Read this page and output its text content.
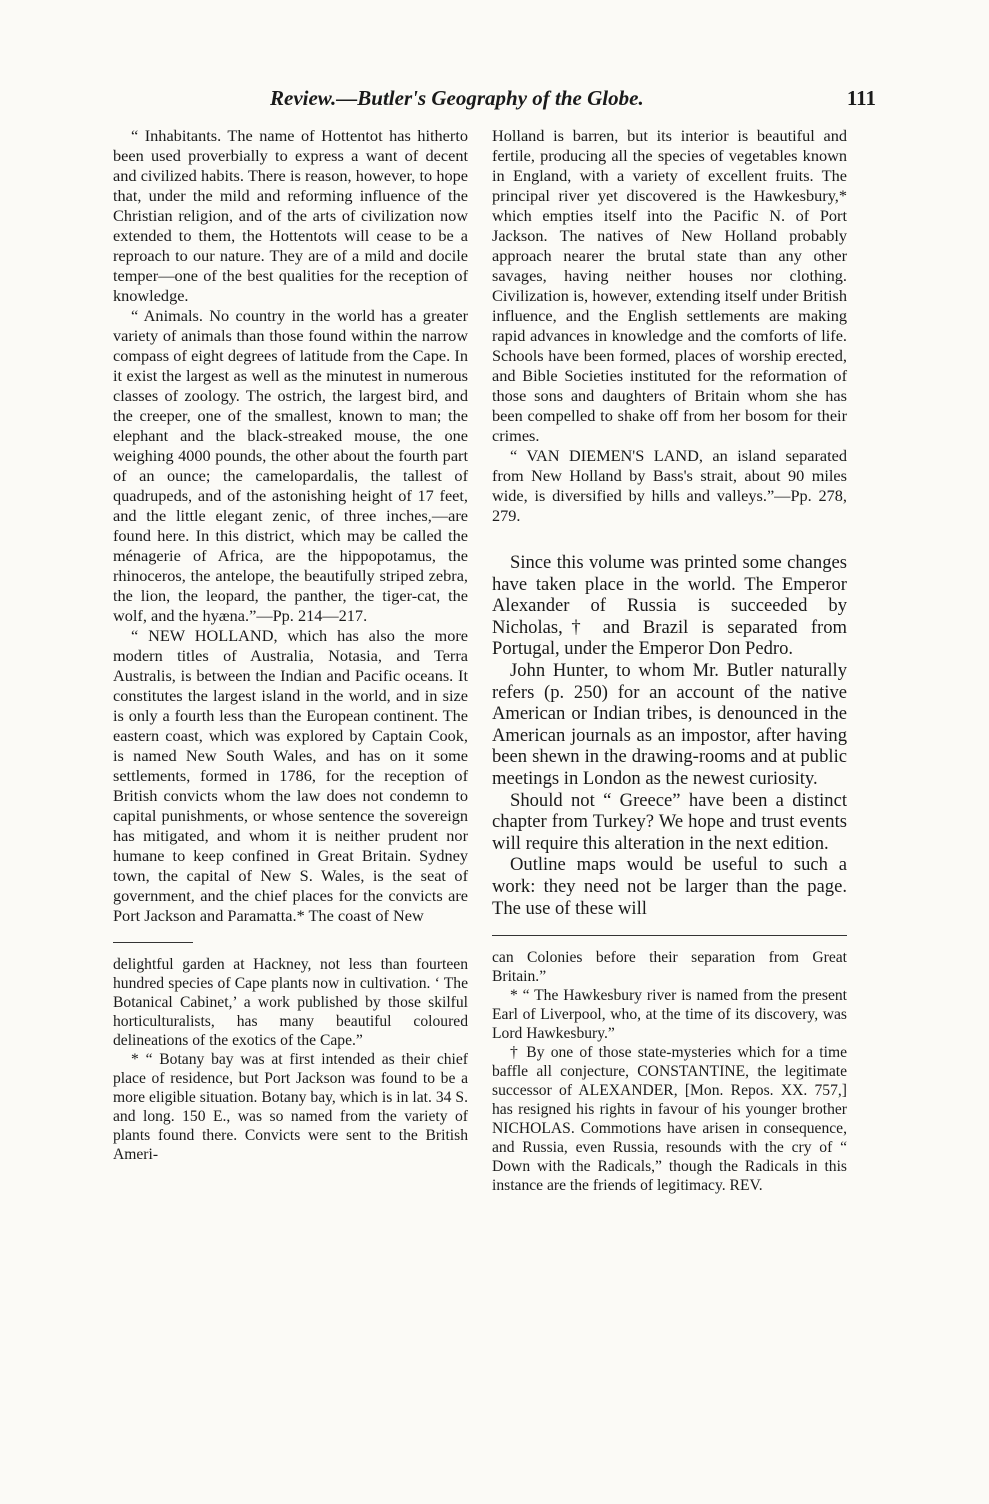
Review.—Butler's Geography of the Globe.	111

“ Inhabitants. The name of Hottentot has hitherto been used proverbially to express a want of decent and civilized habits. There is reason, however, to hope that, under the mild and reforming influence of the Christian religion, and of the arts of civilization now extended to them, the Hottentots will cease to be a reproach to our nature. They are of a mild and docile temper—one of the best qualities for the reception of knowledge.

“ Animals. No country in the world has a greater variety of animals than those found within the narrow compass of eight degrees of latitude from the Cape. In it exist the largest as well as the minutest in numerous classes of zoology. The ostrich, the largest bird, and the creeper, one of the smallest, known to man; the elephant and the black-streaked mouse, the one weighing 4000 pounds, the other about the fourth part of an ounce; the camelopardalis, the tallest of quadrupeds, and of the astonishing height of 17 feet, and the little elegant zenic, of three inches,—are found here. In this district, which may be called the ménagerie of Africa, are the hippopotamus, the rhinoceros, the antelope, the beautifully striped zebra, the lion, the leopard, the panther, the tiger-cat, the wolf, and the hyæna.”—Pp. 214—217.

“ NEW HOLLAND, which has also the more modern titles of Australia, Notasia, and Terra Australis, is between the Indian and Pacific oceans. It constitutes the largest island in the world, and in size is only a fourth less than the European continent. The eastern coast, which was explored by Captain Cook, is named New South Wales, and has on it some settlements, formed in 1786, for the reception of British convicts whom the law does not condemn to capital punishments, or whose sentence the sovereign has mitigated, and whom it is neither prudent nor humane to keep confined in Great Britain. Sydney town, the capital of New S. Wales, is the seat of government, and the chief places for the convicts are Port Jackson and Paramatta.* The coast of New

delightful garden at Hackney, not less than fourteen hundred species of Cape plants now in cultivation. ‘ The Botanical Cabinet,’ a work published by those skilful horticulturalists, has many beautiful coloured delineations of the exotics of the Cape.”

* “ Botany bay was at first intended as their chief place of residence, but Port Jackson was found to be a more eligible situation. Botany bay, which is in lat. 34 S. and long. 150 E., was so named from the variety of plants found there. Convicts were sent to the British Ameri-

Holland is barren, but its interior is beautiful and fertile, producing all the species of vegetables known in England, with a variety of excellent fruits. The principal river yet discovered is the Hawkesbury,* which empties itself into the Pacific N. of Port Jackson. The natives of New Holland probably approach nearer the brutal state than any other savages, having neither houses nor clothing. Civilization is, however, extending itself under British influence, and the English settlements are making rapid advances in knowledge and the comforts of life. Schools have been formed, places of worship erected, and Bible Societies instituted for the reformation of those sons and daughters of Britain whom she has been compelled to shake off from her bosom for their crimes.

“ VAN DIEMEN'S LAND, an island separated from New Holland by Bass's strait, about 90 miles wide, is diversified by hills and valleys.”—Pp. 278, 279.

Since this volume was printed some changes have taken place in the world. The Emperor Alexander of Russia is succeeded by Nicholas,† and Brazil is separated from Portugal, under the Emperor Don Pedro.

John Hunter, to whom Mr. Butler naturally refers (p. 250) for an account of the native American or Indian tribes, is denounced in the American journals as an impostor, after having been shewn in the drawing-rooms and at public meetings in London as the newest curiosity.

Should not “ Greece” have been a distinct chapter from Turkey? We hope and trust events will require this alteration in the next edition.

Outline maps would be useful to such a work: they need not be larger than the page. The use of these will

can Colonies before their separation from Great Britain.”

* “ The Hawkesbury river is named from the present Earl of Liverpool, who, at the time of its discovery, was Lord Hawkesbury.”

† By one of those state-mysteries which for a time baffle all conjecture, CONSTANTINE, the legitimate successor of ALEXANDER, [Mon. Repos. XX. 757,] has resigned his rights in favour of his younger brother NICHOLAS. Commotions have arisen in consequence, and Russia, even Russia, resounds with the cry of “ Down with the Radicals,” though the Radicals in this instance are the friends of legitimacy. REV.
